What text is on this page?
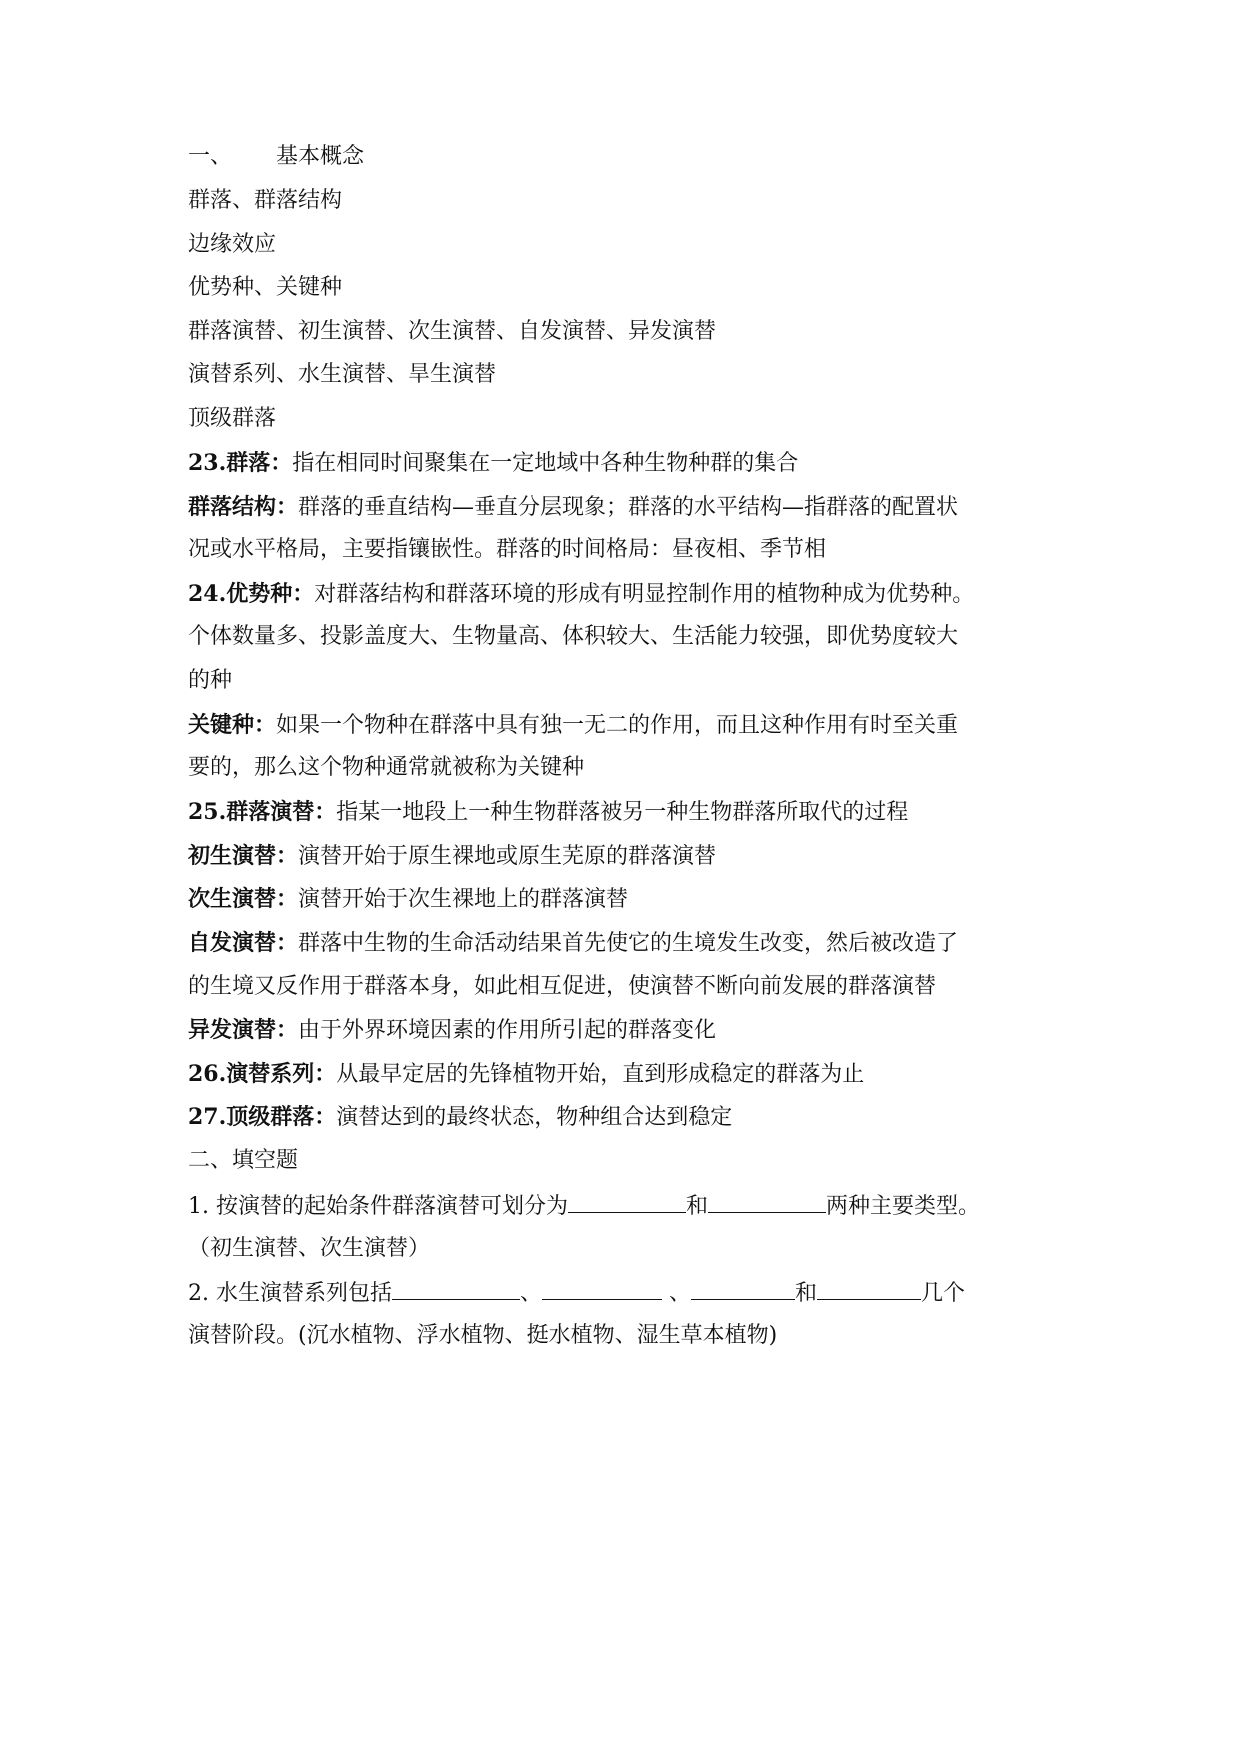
一、 基本概念
群落、群落结构
边缘效应
优势种、关键种
群落演替、初生演替、次生演替、自发演替、异发演替
演替系列、水生演替、旱生演替
顶级群落
23.群落：指在相同时间聚集在一定地域中各种生物种群的集合
群落结构：群落的垂直结构—垂直分层现象；群落的水平结构—指群落的配置状
况或水平格局，主要指镶嵌性。群落的时间格局：昼夜相、季节相
24.优势种：对群落结构和群落环境的形成有明显控制作用的植物种成为优势种。
个体数量多、投影盖度大、生物量高、体积较大、生活能力较强，即优势度较大
的种
关键种：如果一个物种在群落中具有独一无二的作用，而且这种作用有时至关重
要的，那么这个物种通常就被称为关键种
25.群落演替：指某一地段上一种生物群落被另一种生物群落所取代的过程
初生演替：演替开始于原生裸地或原生芜原的群落演替
次生演替：演替开始于次生裸地上的群落演替
自发演替：群落中生物的生命活动结果首先使它的生境发生改变，然后被改造了
的生境又反作用于群落本身，如此相互促进，使演替不断向前发展的群落演替
异发演替：由于外界环境因素的作用所引起的群落变化
26.演替系列：从最早定居的先锋植物开始，直到形成稳定的群落为止
27.顶级群落：演替达到的最终状态，物种组合达到稳定
二、填空题
1. 按演替的起始条件群落演替可划分为	和	两种主要类型。
（初生演替、次生演替）
2. 水生演替系列包括	、	、	和	几个
演替阶段。(沉水植物、浮水植物、挺水植物、湿生草本植物)
